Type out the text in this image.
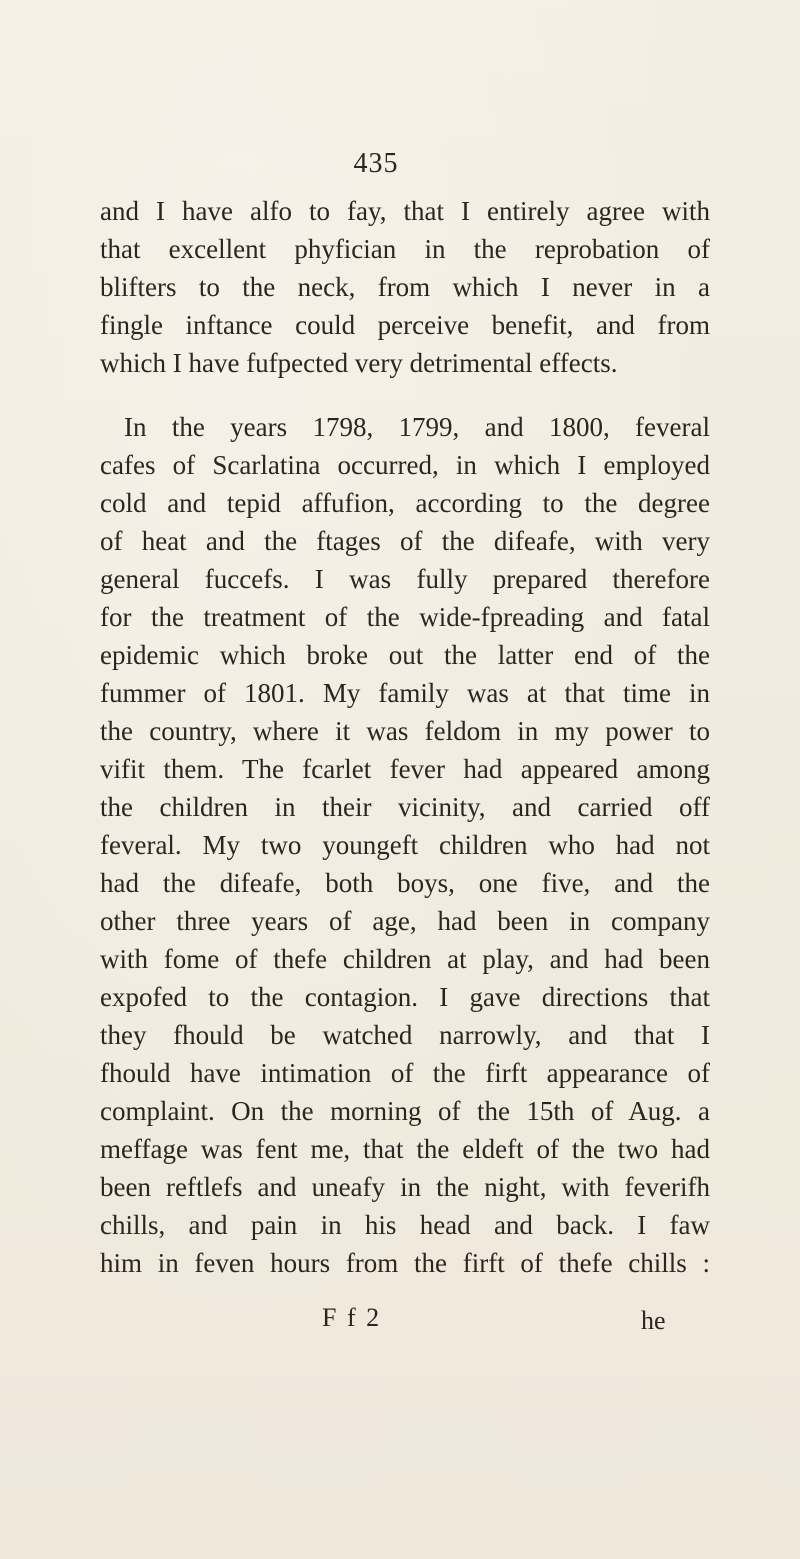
435
and I have alfo to fay, that I entirely agree with
that excellent phyfician in the reprobation of
blifters to the neck, from which I never in a
fingle inftance could perceive benefit, and from
which I have fufpected very detrimental effects.
In the years 1798, 1799, and 1800, feveral
cafes of Scarlatina occurred, in which I employed
cold and tepid affufion, according to the degree
of heat and the ftages of the difeafe, with very
general fuccefs. I was fully prepared therefore
for the treatment of the wide-fpreading and fatal
epidemic which broke out the latter end of the
fummer of 1801. My family was at that time in
the country, where it was feldom in my power to
vifit them. The fcarlet fever had appeared among
the children in their vicinity, and carried off
feveral. My two youngeft children who had not
had the difeafe, both boys, one five, and the
other three years of age, had been in company
with fome of thefe children at play, and had been
expofed to the contagion. I gave directions that
they fhould be watched narrowly, and that I
fhould have intimation of the firft appearance of
complaint. On the morning of the 15th of Aug. a
meffage was fent me, that the eldeft of the two had
been reftlefs and uneafy in the night, with feverifh
chills, and pain in his head and back. I faw
him in feven hours from the firft of thefe chills :
F f 2	he
